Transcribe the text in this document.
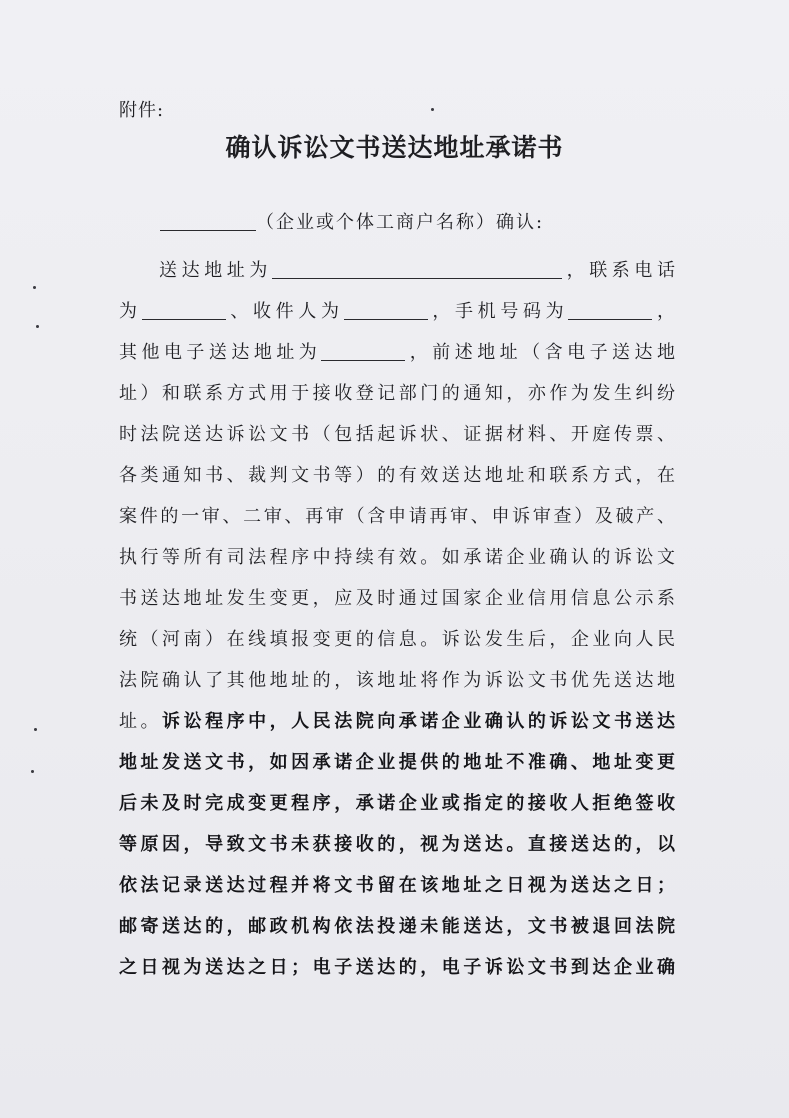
附件:
确认诉讼文书送达地址承诺书
（企业或个体工商户名称）确认:
送达地址为	，联系电话
为	、收件人为	，手机号码为	，
其他电子送达地址为	，前述地址（含电子送达地
址）和联系方式用于接收登记部门的通知，亦作为发生纠纷
时法院送达诉讼文书（包括起诉状、证据材料、开庭传票、
各类通知书、裁判文书等）的有效送达地址和联系方式，在
案件的一审、二审、再审（含申请再审、申诉审查）及破产、
执行等所有司法程序中持续有效。如承诺企业确认的诉讼文
书送达地址发生变更，应及时通过国家企业信用信息公示系
统（河南）在线填报变更的信息。诉讼发生后，企业向人民
法院确认了其他地址的，该地址将作为诉讼文书优先送达地
址。诉讼程序中，人民法院向承诺企业确认的诉讼文书送达
地址发送文书，如因承诺企业提供的地址不准确、地址变更
后未及时完成变更程序，承诺企业或指定的接收人拒绝签收
等原因，导致文书未获接收的，视为送达。直接送达的，以
依法记录送达过程并将文书留在该地址之日视为送达之日；
邮寄送达的，邮政机构依法投递未能送达，文书被退回法院
之日视为送达之日；电子送达的，电子诉讼文书到达企业确
